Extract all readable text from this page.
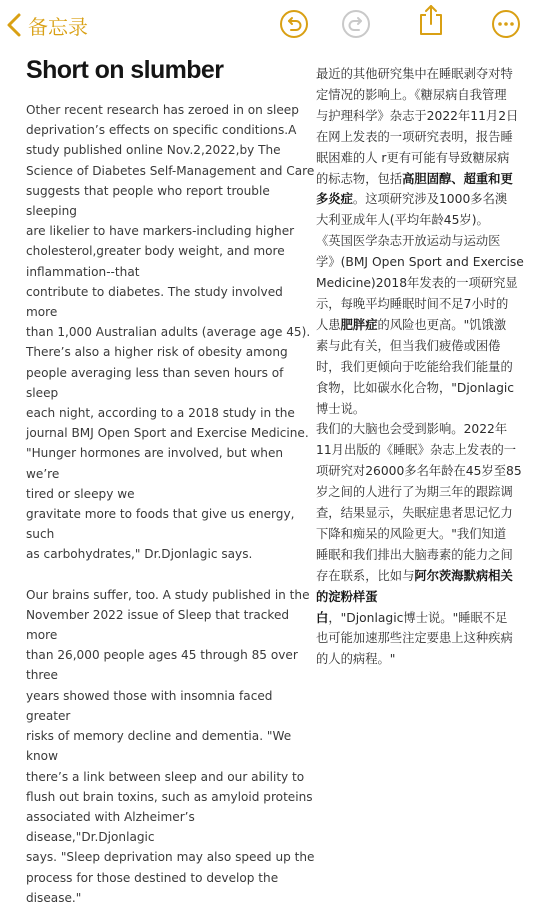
备忘录
Short on slumber

Other recent research has zeroed in on sleep
deprivation’s effects on specific conditions.A
study published online Nov.2,2022,by The
Science of Diabetes Self-Management and Care
suggests that people who report trouble sleeping
are likelier to have markers-including higher
cholesterol,greater body weight, and more
inflammation--that
contribute to diabetes. The study involved more
than 1,000 Australian adults (average age 45).
There’s also a higher risk of obesity among
people averaging less than seven hours of sleep
each night, according to a 2018 study in the
journal BMJ Open Sport and Exercise Medicine.
"Hunger hormones are involved, but when we’re
tired or sleepy we
gravitate more to foods that give us energy, such
as carbohydrates," Dr.Djonlagic says.

Our brains suffer, too. A study published in the
November 2022 issue of Sleep that tracked more
than 26,000 people ages 45 through 85 over three
years showed those with insomnia faced greater
risks of memory decline and dementia. "We know
there’s a link between sleep and our ability to
flush out brain toxins, such as amyloid proteins
associated with Alzheimer’s disease,"Dr.Djonlagic
says. "Sleep deprivation may also speed up the
process for those destined to develop the
disease."

最近的其他研究集中在睡眠剥夺对特
定情况的影响上。《糖尿病自我管理
与护理科学》杂志于2022年11月2日
在网上发表的一项研究表明，报告睡
眠困难的人 r更有可能有导致糖尿病
的标志物，包括高胆固醇、超重和更
多炎症。这项研究涉及1000多名澳
大利亚成年人(平均年龄45岁)。
《英国医学杂志开放运动与运动医
学》(BMJ Open Sport and Exercise
Medicine)2018年发表的一项研究显
示，每晚平均睡眠时间不足7小时的
人患肥胖症的风险也更高。"饥饿激
素与此有关，但当我们疲倦或困倦
时，我们更倾向于吃能给我们能量的
食物，比如碳水化合物，"Djonlagic
博士说。
我们的大脑也会受到影响。2022年
11月出版的《睡眠》杂志上发表的一
项研究对26000多名年龄在45岁至85
岁之间的人进行了为期三年的跟踪调
查，结果显示，失眠症患者思记忆力
下降和痴呆的风险更大。"我们知道
睡眠和我们排出大脑毒素的能力之间
存在联系，比如与阿尔茨海默病相关
的淀粉样蛋
白，"Djonlagic博士说。"睡眠不足
也可能加速那些注定要患上这种疾病
的人的病程。"
